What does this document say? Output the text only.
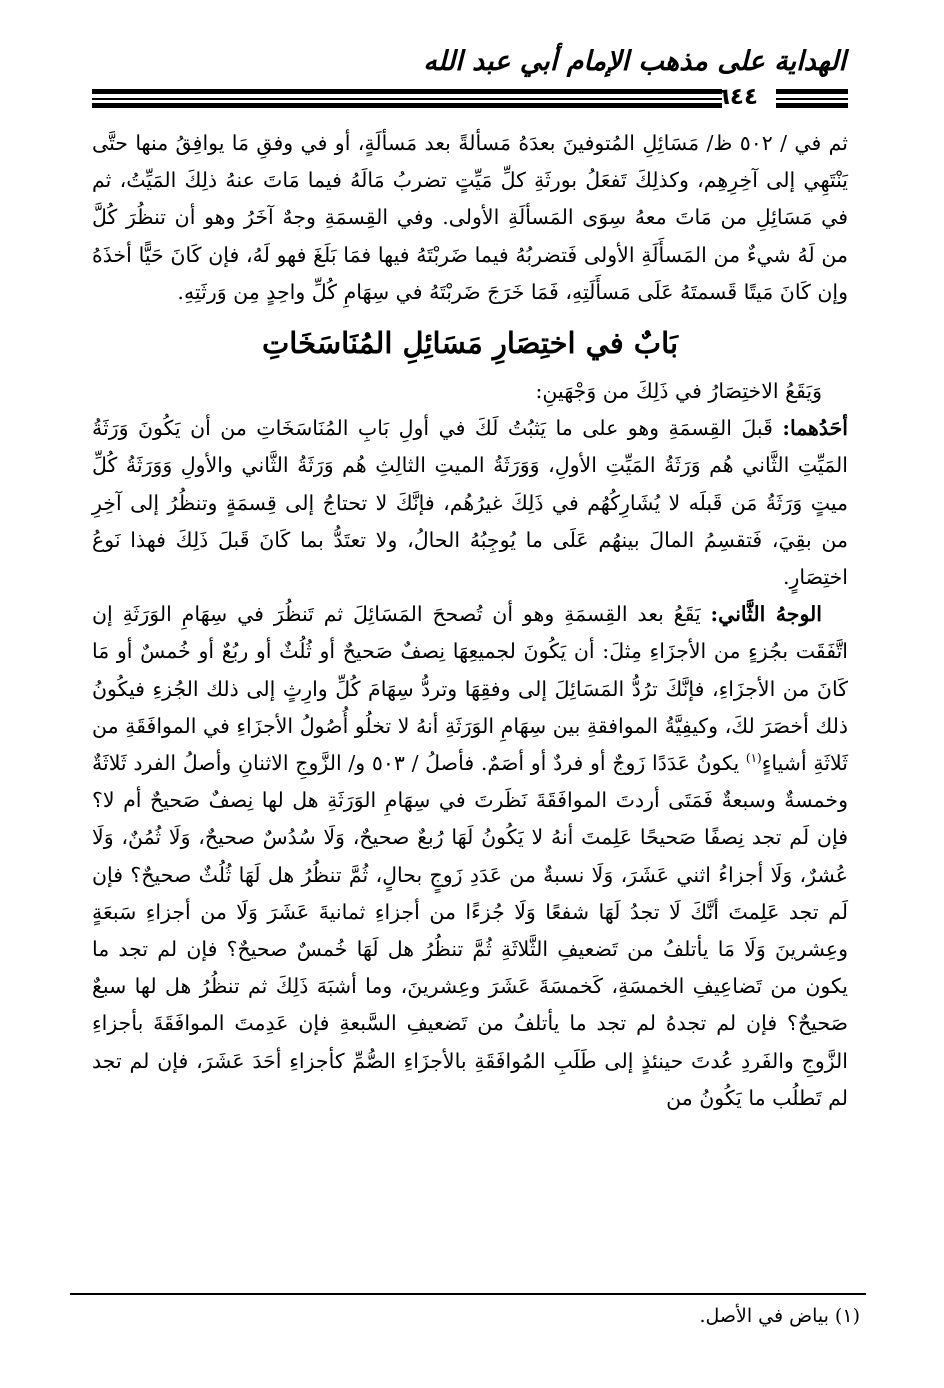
الهداية على مذهب الإمام أبي عبد الله
٦٤٤

ثم في / ٥٠٢ ظ/ مَسَائِلِ المُتوفينَ بعدَهُ مَسألةً بعد مَسألَةٍ، أو في وفقِ مَا يوافِقُ منها حتَّى يَنْتَهِي إلى آخِرِهِم، وكذلِكَ تَفعَلُ بورثَةِ كلِّ مَيِّتٍ تضربُ مَالَهُ فيما مَاتَ عنهُ ذلِكَ المَيِّتُ، ثم في مَسَائِلِ من مَاتَ معهُ سِوَى المَسألَةِ الأولى. وفي القِسمَةِ وجهٌ آخَرُ وهو أن تنظُرَ كُلَّ من لَهُ شيءٌ من المَسأَلَةِ الأولى فَتضربُهُ فيما ضَربْتَهُ فيها فمَا بَلَغَ فهو لَهُ، فإن كَانَ حَيًّا أخذَهُ وإن كَانَ مَيتًا قَسمتَهُ عَلَى مَسأَلَتِهِ، فَمَا خَرَجَ ضَربْتَهُ في سِهَامِ كُلِّ واحِدٍ مِن وَرثَتِهِ.

بَابٌ في اختِصَارِ مَسَائِلِ المُنَاسَخَاتِ

وَيَقَعُ الاختِصَارُ في ذَلِكَ من وَجْهَينِ:

أحَدُهما: قَبلَ القِسمَةِ وهو على ما يَثبُتُ لَكَ في أولِ بَابِ المُنَاسَخَاتِ من أن يَكُونَ وَرَثَةُ المَيِّتِ الثَّاني هُم وَرَثَةُ المَيِّتِ الأولِ، وَوَرَثَةُ الميتِ الثالِثِ هُم وَرَثَةُ الثَّاني والأولِ وَوَرَثَةُ كُلِّ ميتٍ وَرَثَةُ مَن قَبلَه لا يُشَارِكُهُم في ذَلِكَ غيرُهُم، فإنَّكَ لا تحتاجُ إلى قِسمَةٍ وتنظُرُ إلى آخِرِ من بقِيَ، فَتقسِمُ المالَ بينهُم عَلَى ما يُوجِبُهُ الحالُ، ولا تعتَدُّ بما كَانَ قَبلَ ذَلِكَ فهذا نَوعُ اختِصَارٍ.

الوجهُ الثَّاني: يَقَعُ بعد القِسمَةِ وهو أن تُصححَ المَسَائِلَ ثم تَنظُرَ في سِهَامِ الوَرَثَةِ إن اتَّفَقَت بجُزءٍ من الأجزَاءِ مِثلَ: أن يَكُونَ لجميعِهَا نِصفٌ صَحيحٌ أو ثُلُثٌ أو ربُعٌ أو خُمسٌ أو مَا كَانَ من الأجزَاءِ، فإنَّكَ ترُدُّ المَسَائِلَ إلى وفقِهَا وتردُّ سِهَامَ كُلِّ وارِثٍ إلى ذلك الجُزءِ فيكُونُ ذلك أخصَرَ لكَ، وكيفِيَّةُ الموافقةِ بين سِهَامِ الوَرَثَةِ أنهُ لا تخلُو أُصُولُ الأجزَاءِ في الموافَقَةِ من ثَلاثَةِ أشياءٍ$^{(١)}$ يكونُ عَدَدًا زَوجٌ أو فردٌ أو أصَمٌ. فأصلُ / ٥٠٣ و/ الزَّوجِ الاثنانِ وأصلُ الفرد ثَلاثَةٌ وخمسةٌ وسبعةٌ فَمَتَى أردتَ الموافَقَةَ نَظَرتَ في سِهَامِ الوَرَثَةِ هل لها نِصفٌ صَحيحٌ أم لا؟ فإن لَم تجد نِصفًا صَحيحًا عَلِمتَ أنهُ لا يَكُونُ لَهَا رُبعٌ صحيحٌ، وَلَا سُدُسٌ صحيحٌ، وَلَا ثُمُنٌ، وَلَا عُشرٌ، وَلَا أجزاءُ اثني عَشَرَ، وَلَا نسبةٌ من عَدَدِ زَوجٍ بحالٍ، ثُمَّ تنظُرُ هل لَهَا ثُلُثٌ صحيحٌ؟ فإن لَم تجد عَلِمتَ أنَّكَ لَا تجدُ لَهَا شفعًا وَلَا جُزءًا من أجزاءِ ثمانيةَ عَشَرَ وَلَا من أجزاءِ سَبعَةٍ وعِشرينَ وَلَا مَا يأتلفُ من تَضعيفِ الثَّلاثَةِ ثُمَّ تنظُرُ هل لَهَا خُمسٌ صحيحٌ؟ فإن لم تجد ما يكون من تَضاعِيفِ الخمسَةِ، كَخمسَةَ عَشَرَ وعِشرينَ، وما أشبَهَ ذَلِكَ ثم تنظُرُ هل لها سبعٌ صَحيحٌ؟ فإن لم تجدهُ لم تجد ما يأتلفُ من تَضعيفِ السَّبعةِ فإن عَدِمتَ الموافَقَةَ بأجزاءِ الزَّوجِ والفَردِ عُدتَ حينئذٍ إلى طَلَبِ المُوافَقَةِ بالأجزَاءِ الصُّمِّ كأجزاءِ أحَدَ عَشَرَ، فإن لم تجد لم تَطلُب ما يَكُونُ من

(١) بياض في الأصل.
